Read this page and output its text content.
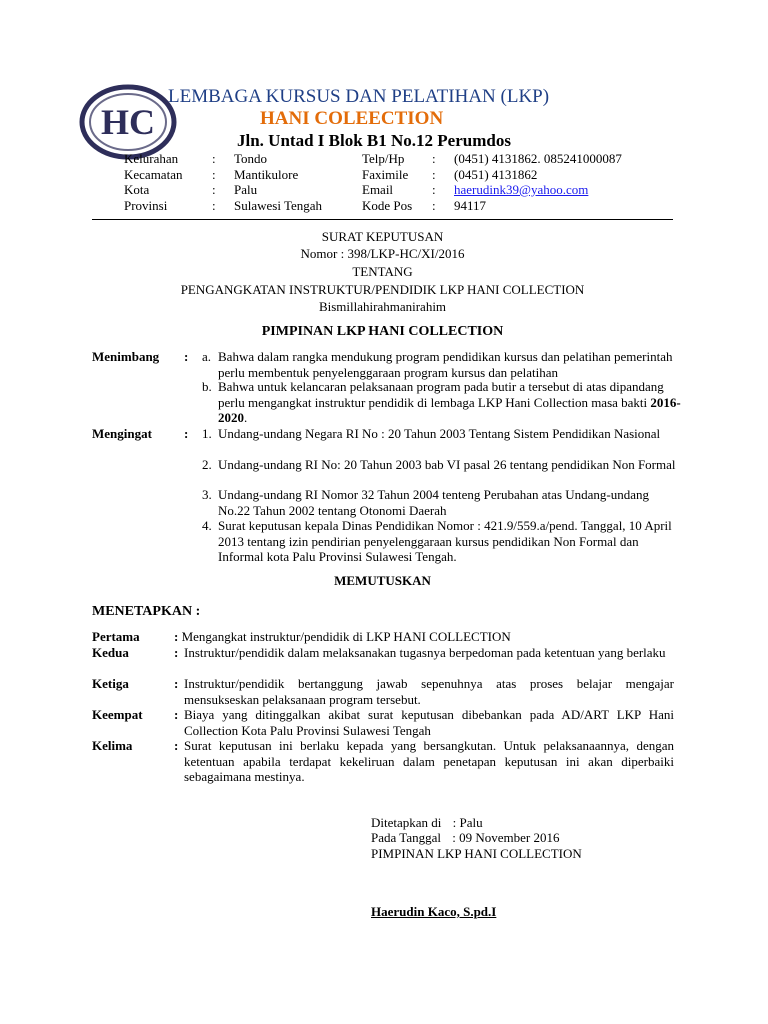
HC
LEMBAGA KURSUS DAN PELATIHAN (LKP)
HANI COLEECTION
Jln. Untad I Blok B1 No.12 Perumdos
Kelurahan	: Tondo	Telp/Hp : (0451) 4131862. 085241000087
Kecamatan : Mantikulore	Faximile : (0451) 4131862
Kota	: Palu	Email	: haerudink39@yahoo.com
Provinsi	: Sulawesi Tengah	Kode Pos : 94117
SURAT KEPUTUSAN
Nomor : 398/LKP-HC/XI/2016
TENTANG
PENGANGKATAN INSTRUKTUR/PENDIDIK LKP HANI COLLECTION
Bismillahirahmanirahim
PIMPINAN LKP HANI COLLECTION
Menimbang : a. Bahwa dalam rangka mendukung program pendidikan kursus dan pelatihan pemerintah perlu membentuk penyelenggaraan program kursus dan pelatihan
b. Bahwa untuk kelancaran pelaksanaan program pada butir a tersebut di atas dipandang perlu mengangkat instruktur pendidik di lembaga LKP Hani Collection masa bakti 2016-2020.
Mengingat : 1. Undang-undang Negara RI No : 20 Tahun 2003 Tentang Sistem Pendidikan Nasional
2. Undang-undang RI No: 20 Tahun 2003 bab VI pasal 26 tentang pendidikan Non Formal
3. Undang-undang RI Nomor 32 Tahun 2004 tenteng Perubahan atas Undang-undang No.22 Tahun 2002 tentang Otonomi Daerah
4. Surat keputusan kepala Dinas Pendidikan Nomor : 421.9/559.a/pend. Tanggal, 10 April 2013 tentang izin pendirian penyelenggaraan kursus pendidikan Non Formal dan Informal kota Palu Provinsi Sulawesi Tengah.
MEMUTUSKAN
MENETAPKAN :
Pertama	: Mengangkat instruktur/pendidik di LKP HANI COLLECTION
Kedua	: Instruktur/pendidik dalam melaksanakan tugasnya berpedoman pada ketentuan yang berlaku
Ketiga	: Instruktur/pendidik bertanggung jawab sepenuhnya atas proses belajar mengajar mensukseskan pelaksanaan program tersebut.
Keempat : Biaya yang ditinggalkan akibat surat keputusan dibebankan pada AD/ART LKP Hani Collection Kota Palu Provinsi Sulawesi Tengah
Kelima	: Surat keputusan ini berlaku kepada yang bersangkutan. Untuk pelaksanaannya, dengan ketentuan apabila terdapat kekeliruan dalam penetapan keputusan ini akan diperbaiki sebagaimana mestinya.
Ditetapkan di : Palu
Pada Tanggal : 09 November 2016
PIMPINAN LKP HANI COLLECTION
Haerudin Kaco, S.pd.I
